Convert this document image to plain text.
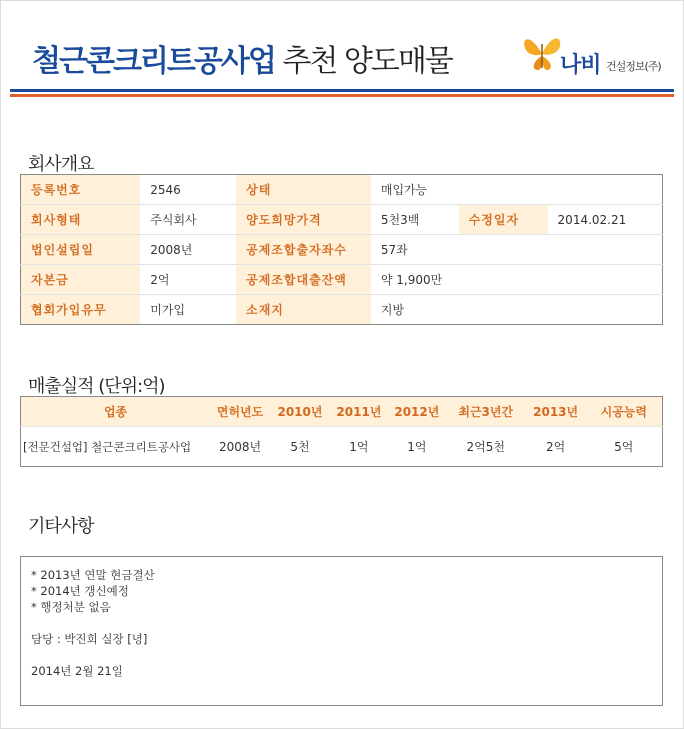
철근콘크리트공사업 추천 양도매물	나비 건설정보(주)
회사개요
등록번호	2546	상태	매입가능		
회사형태	주식회사	양도희망가격	5천3백	수정일자	2014.02.21
법인설립일	2008년	공제조합출자좌수	57좌		
자본금	2억	공제조합대출잔액	약 1,900만		
협회가입유무	미가입	소재지	지방		
매출실적 (단위:억)
업종	면허년도	2010년	2011년	2012년	최근3년간	2013년	시공능력
[전문건설업] 철근콘크리트공사업	2008년	5천	1억	1억	2억5천	2억	5억
기타사항
* 2013년 연말 현금결산
* 2014년 갱신예정
* 행정처분 없음
담당 : 박진희 실장 [녕]
2014년 2월 21일
